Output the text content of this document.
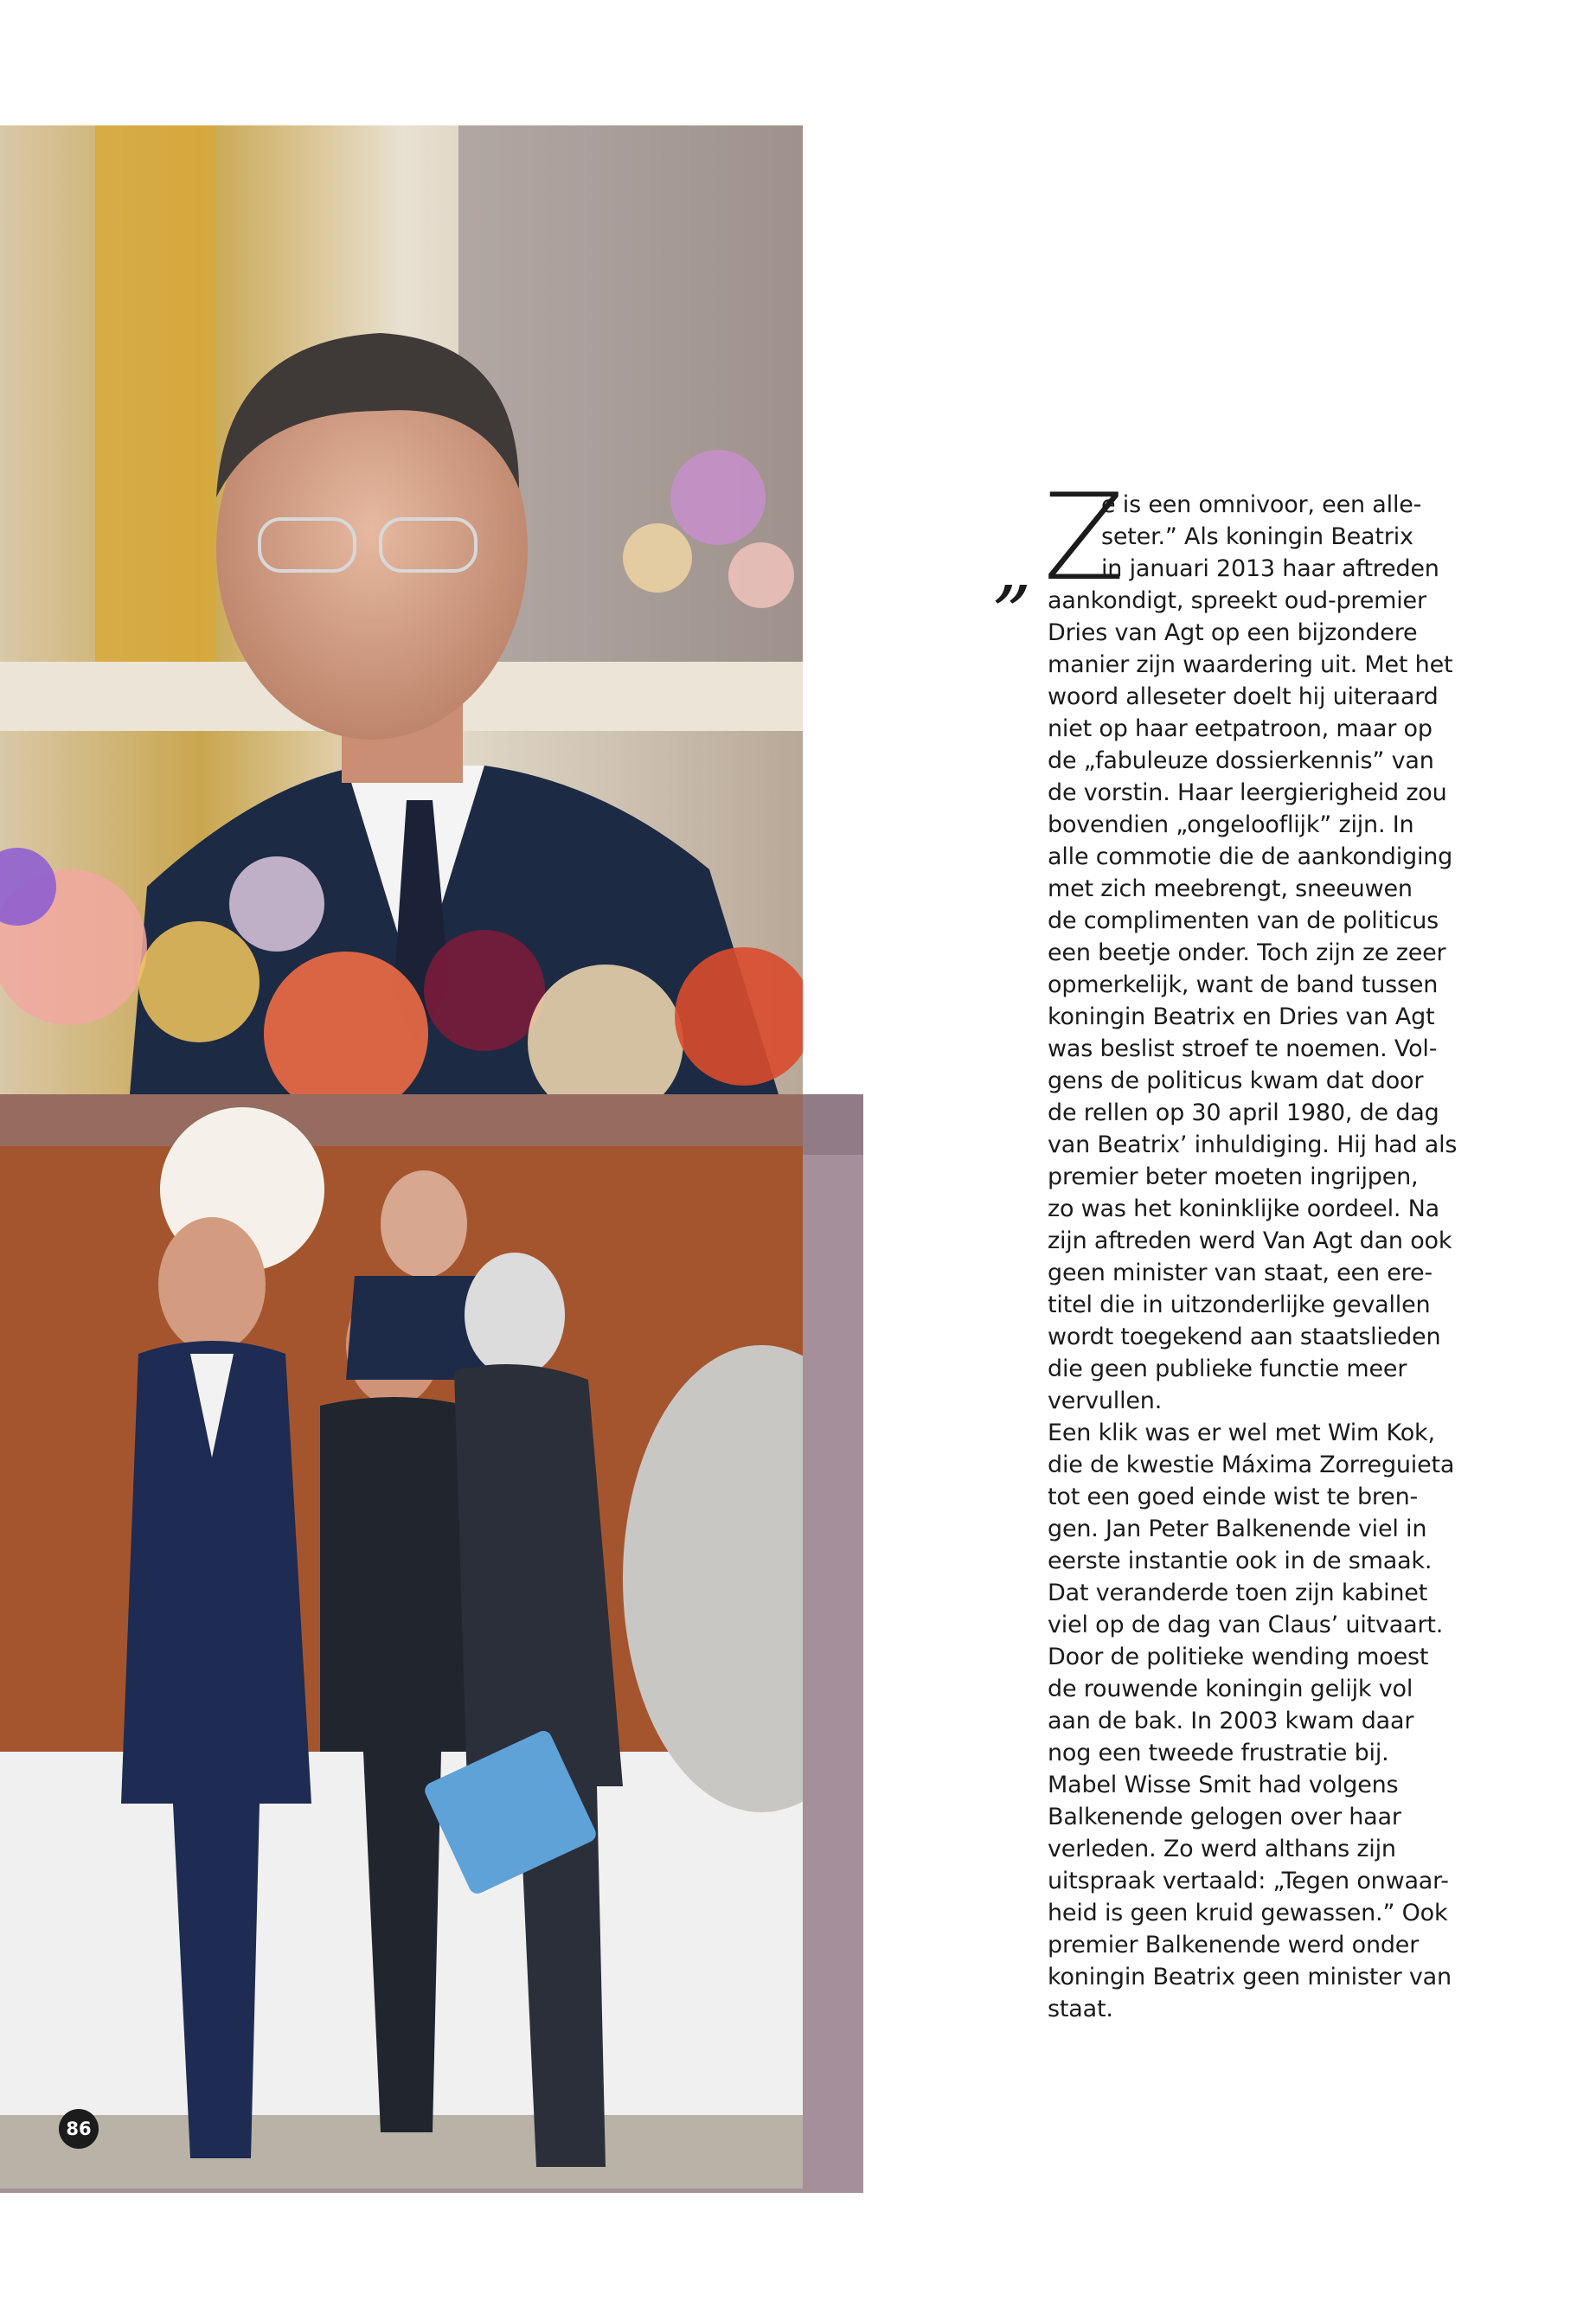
86
„ Z
e is een omnivoor, een alle-
seter.” Als koningin Beatrix
in januari 2013 haar aftreden
aankondigt, spreekt oud-premier
Dries van Agt op een bijzondere
manier zijn waardering uit. Met het
woord alleseter doelt hij uiteraard
niet op haar eetpatroon, maar op
de „fabuleuze dossierkennis” van
de vorstin. Haar leergierigheid zou
bovendien „ongelooflijk” zijn. In
alle commotie die de aankondiging
met zich meebrengt, sneeuwen
de complimenten van de politicus
een beetje onder. Toch zijn ze zeer
opmerkelijk, want de band tussen
koningin Beatrix en Dries van Agt
was beslist stroef te noemen. Vol-
gens de politicus kwam dat door
de rellen op 30 april 1980, de dag
van Beatrix’ inhuldiging. Hij had als
premier beter moeten ingrijpen,
zo was het koninklijke oordeel. Na
zijn aftreden werd Van Agt dan ook
geen minister van staat, een ere-
titel die in uitzonderlijke gevallen
wordt toegekend aan staatslieden
die geen publieke functie meer
vervullen.
Een klik was er wel met Wim Kok,
die de kwestie Máxima Zorreguieta
tot een goed einde wist te bren-
gen. Jan Peter Balkenende viel in
eerste instantie ook in de smaak.
Dat veranderde toen zijn kabinet
viel op de dag van Claus’ uitvaart.
Door de politieke wending moest
de rouwende koningin gelijk vol
aan de bak. In 2003 kwam daar
nog een tweede frustratie bij.
Mabel Wisse Smit had volgens
Balkenende gelogen over haar
verleden. Zo werd althans zijn
uitspraak vertaald: „Tegen onwaar-
heid is geen kruid gewassen.” Ook
premier Balkenende werd onder
koningin Beatrix geen minister van
staat.
